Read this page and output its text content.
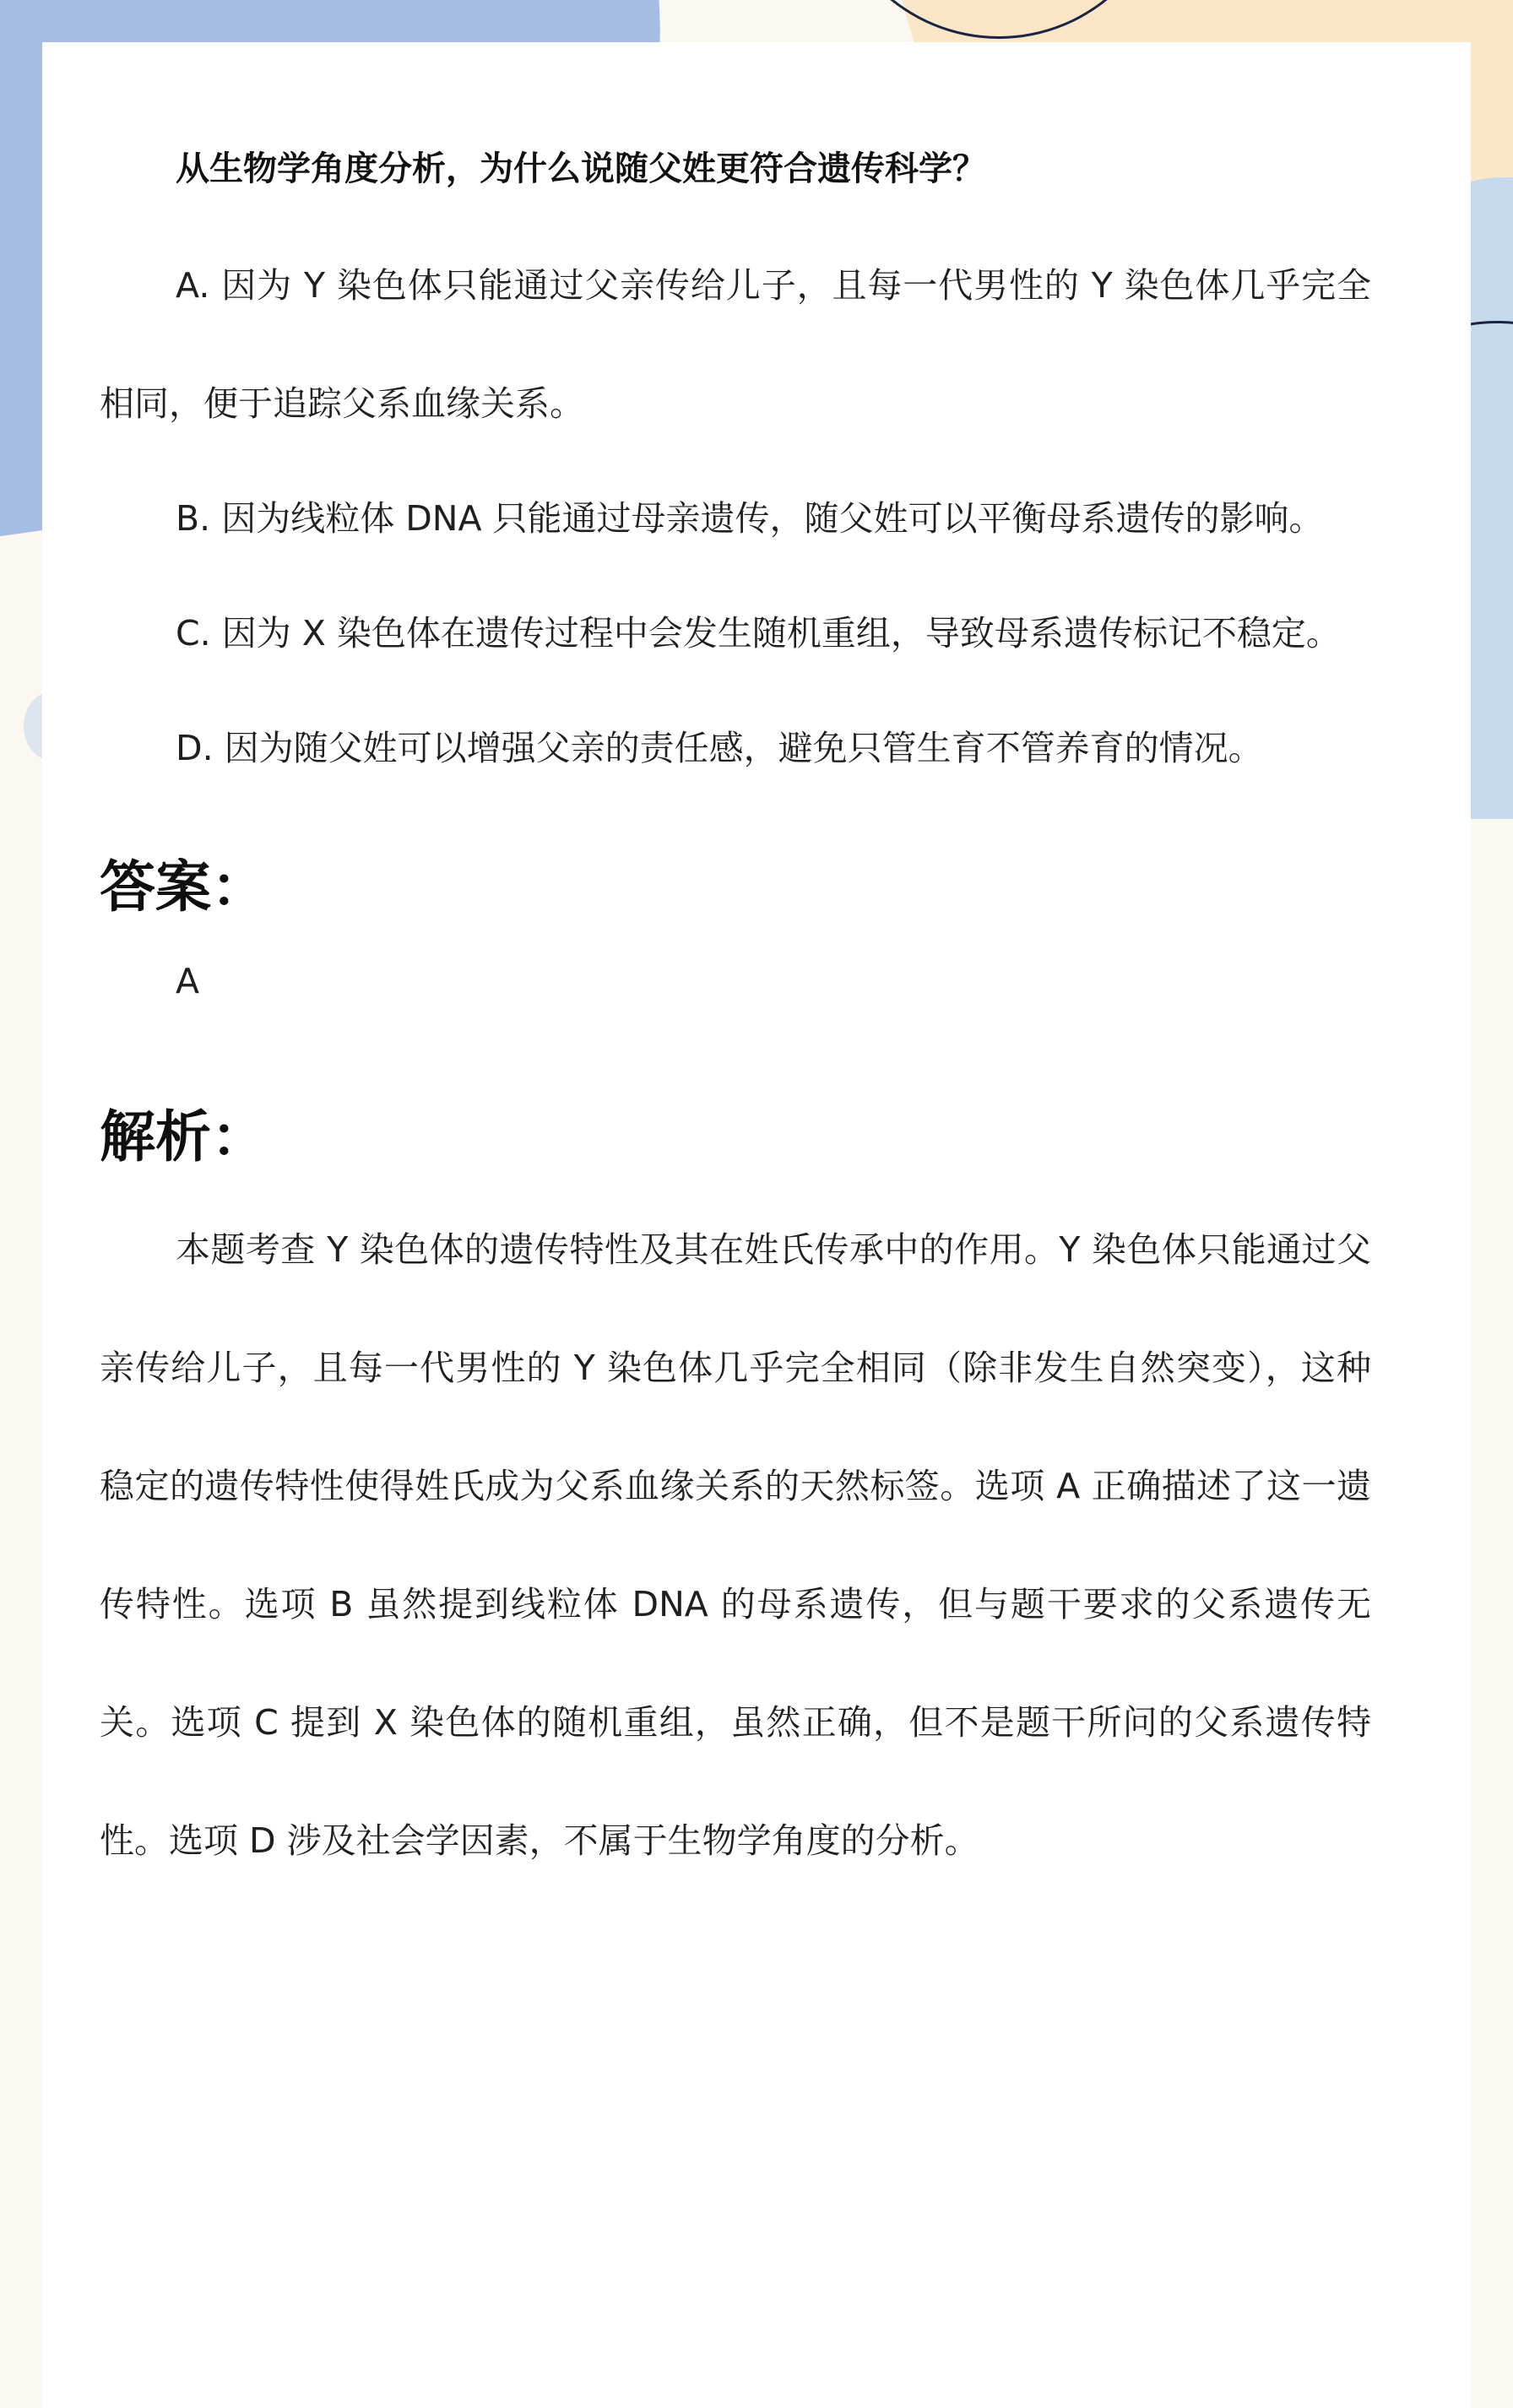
从生物学角度分析，为什么说随父姓更符合遗传科学？

A. 因为 Y 染色体只能通过父亲传给儿子，且每一代男性的 Y 染色体几乎完全相同，便于追踪父系血缘关系。

B. 因为线粒体 DNA 只能通过母亲遗传，随父姓可以平衡母系遗传的影响。

C. 因为 X 染色体在遗传过程中会发生随机重组，导致母系遗传标记不稳定。

D. 因为随父姓可以增强父亲的责任感，避免只管生育不管养育的情况。

答案：

A

解析：

本题考查 Y 染色体的遗传特性及其在姓氏传承中的作用。Y 染色体只能通过父亲传给儿子，且每一代男性的 Y 染色体几乎完全相同（除非发生自然突变），这种稳定的遗传特性使得姓氏成为父系血缘关系的天然标签。选项 A 正确描述了这一遗传特性。选项 B 虽然提到线粒体 DNA 的母系遗传，但与题干要求的父系遗传无关。选项 C 提到 X 染色体的随机重组，虽然正确，但不是题干所问的父系遗传特性。选项 D 涉及社会学因素，不属于生物学角度的分析。
